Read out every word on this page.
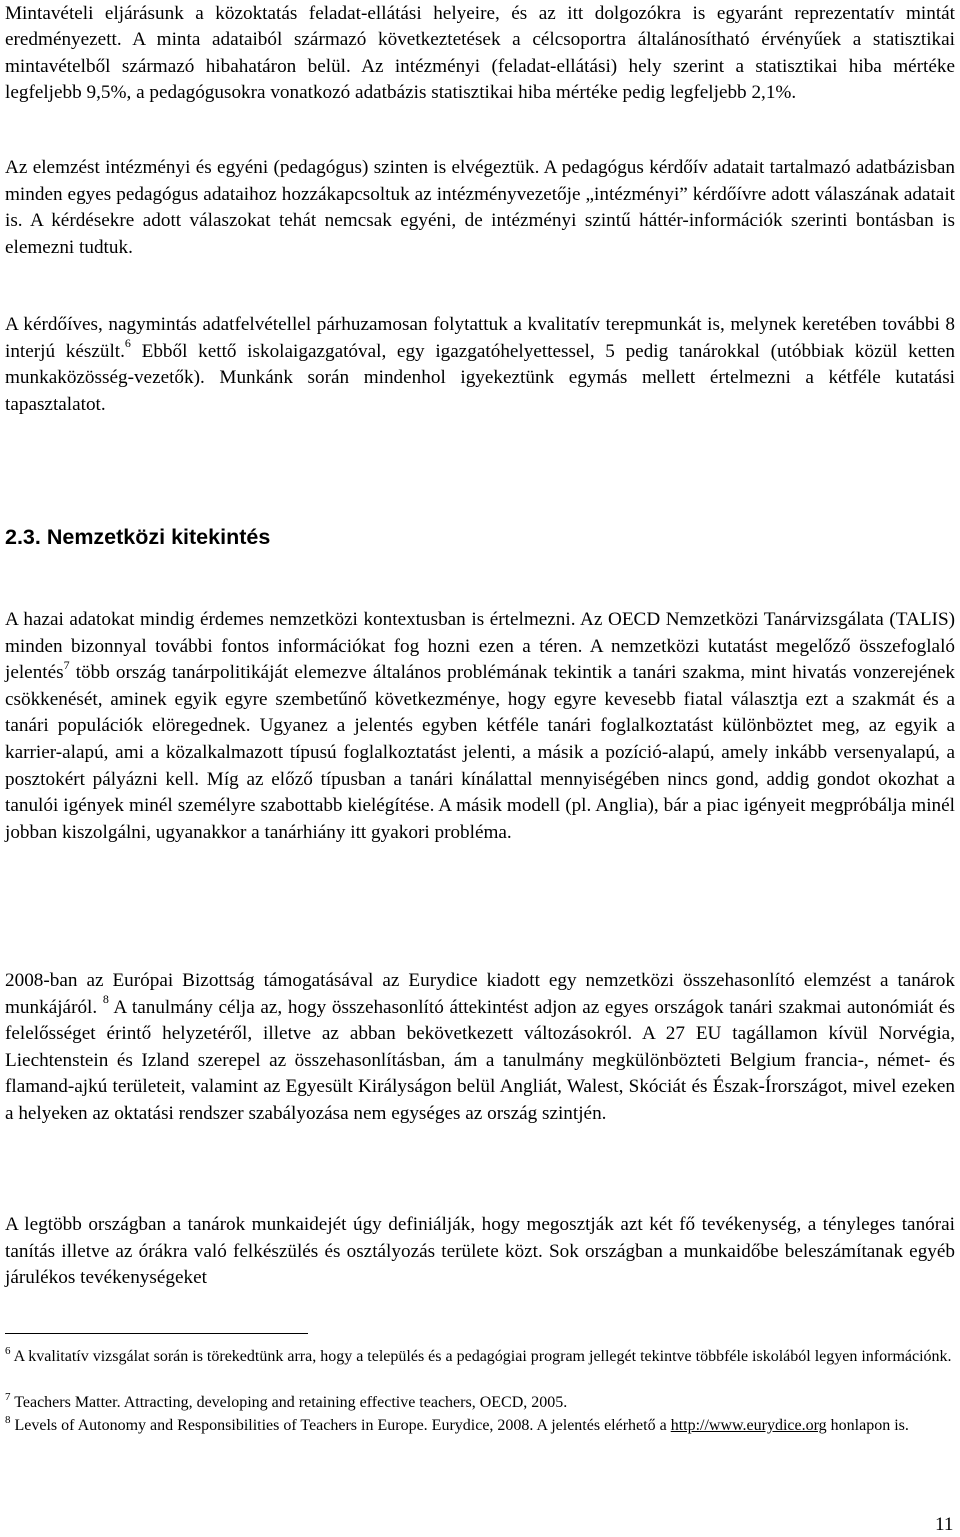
Mintavételi eljárásunk a közoktatás feladat-ellátási helyeire, és az itt dolgozókra is egyaránt reprezentatív mintát eredményezett. A minta adataiból származó következtetések a célcsoportra általánosítható érvényűek a statisztikai mintavételből származó hibahatáron belül. Az intézményi (feladat-ellátási) hely szerint a statisztikai hiba mértéke legfeljebb 9,5%, a pedagógusokra vonatkozó adatbázis statisztikai hiba mértéke pedig legfeljebb 2,1%.

Az elemzést intézményi és egyéni (pedagógus) szinten is elvégeztük. A pedagógus kérdőív adatait tartalmazó adatbázisban minden egyes pedagógus adataihoz hozzákapcsoltuk az intézményvezetője „intézményi” kérdőívre adott válaszának adatait is. A kérdésekre adott válaszokat tehát nemcsak egyéni, de intézményi szintű háttér-információk szerinti bontásban is elemezni tudtuk.

A kérdőíves, nagymintás adatfelvétellel párhuzamosan folytattuk a kvalitatív terepmunkát is, melynek keretében további 8 interjú készült.$^6$ Ebből kettő iskolaigazgatóval, egy igazgatóhelyettessel, 5 pedig tanárokkal (utóbbiak közül ketten munkaközösség-vezetők). Munkánk során mindenhol igyekeztünk egymás mellett értelmezni a kétféle kutatási tapasztalatot.

2.3. Nemzetközi kitekintés

A hazai adatokat mindig érdemes nemzetközi kontextusban is értelmezni. Az OECD Nemzetközi Tanárvizsgálata (TALIS) minden bizonnyal további fontos információkat fog hozni ezen a téren. A nemzetközi kutatást megelőző összefoglaló jelentés$^7$ több ország tanárpolitikáját elemezve általános problémának tekintik a tanári szakma, mint hivatás vonzerejének csökkenését, aminek egyik egyre szembetűnő következménye, hogy egyre kevesebb fiatal választja ezt a szakmát és a tanári populációk elöregednek. Ugyanez a jelentés egyben kétféle tanári foglalkoztatást különböztet meg, az egyik a karrier-alapú, ami a közalkalmazott típusú foglalkoztatást jelenti, a másik a pozíció-alapú, amely inkább versenyalapú, a posztokért pályázni kell. Míg az előző típusban a tanári kínálattal mennyiségében nincs gond, addig gondot okozhat a tanulói igények minél személyre szabottabb kielégítése. A másik modell (pl. Anglia), bár a piac igényeit megpróbálja minél jobban kiszolgálni, ugyanakkor a tanárhiány itt gyakori probléma.

2008-ban az Európai Bizottság támogatásával az Eurydice kiadott egy nemzetközi összehasonlító elemzést a tanárok munkájáról. $^8$ A tanulmány célja az, hogy összehasonlító áttekintést adjon az egyes országok tanári szakmai autonómiát és felelősséget érintő helyzetéről, illetve az abban bekövetkezett változásokról. A 27 EU tagállamon kívül Norvégia, Liechtenstein és Izland szerepel az összehasonlításban, ám a tanulmány megkülönbözteti Belgium francia-, német- és flamand-ajkú területeit, valamint az Egyesült Királyságon belül Angliát, Walest, Skóciát és Észak-Írországot, mivel ezeken a helyeken az oktatási rendszer szabályozása nem egységes az ország szintjén.

A legtöbb országban a tanárok munkaidejét úgy definiálják, hogy megosztják azt két fő tevékenység, a tényleges tanórai tanítás illetve az órákra való felkészülés és osztályozás területe közt. Sok országban a munkaidőbe beleszámítanak egyéb járulékos tevékenységeket

$^6$ A kvalitatív vizsgálat során is törekedtünk arra, hogy a település és a pedagógiai program jellegét tekintve többféle iskolából legyen információnk.

$^7$ Teachers Matter. Attracting, developing and retaining effective teachers, OECD, 2005.

$^8$ Levels of Autonomy and Responsibilities of Teachers in Europe. Eurydice, 2008. A jelentés elérhető a http://www.eurydice.org honlapon is.

11
